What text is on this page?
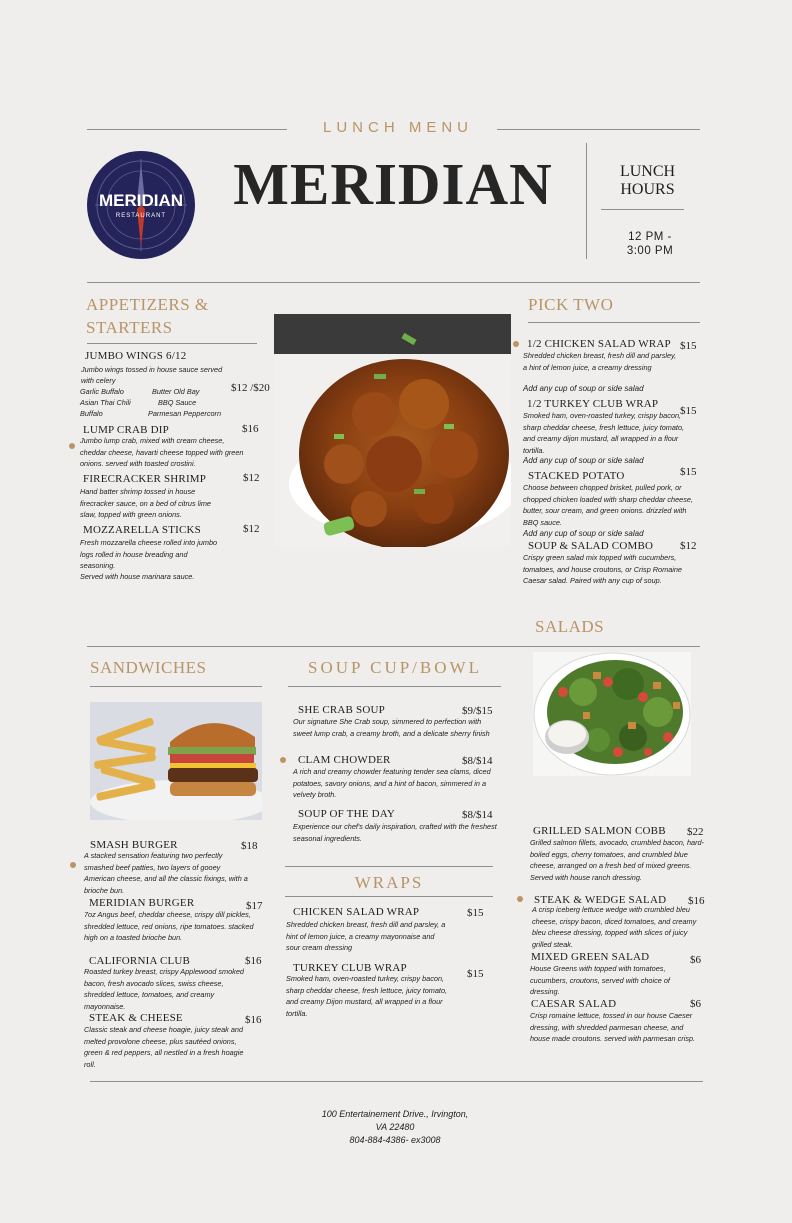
LUNCH MENU
MERIDIAN
RESTAURANT	MERIDIAN	LUNCH
HOURS
12 PM -
3:00 PM
APPETIZERS &
STARTERS
JUMBO WINGS 6/12
Jumbo wings tossed in house sauce served
with celery
Garlic Buffalo	Butter Old Bay
Asian Thai Chili	BBQ Sauce
Buffalo	Parmesan Peppercorn
$12 /$20
LUMP CRAB DIP	$16
Jumbo lump crab, mixed with cream cheese, cheddar cheese, havarti cheese topped with green onions. served with toasted crostini.
FIRECRACKER SHRIMP	$12
Hand batter shrimp tossed in house firecracker sauce, on a bed of citrus lime slaw, topped with green onions.
MOZZARELLA STICKS	$12
Fresh mozzarella cheese rolled into jumbo logs rolled in house breading and seasoning.
Served with house marinara sauce.
PICK TWO
1/2 CHICKEN SALAD WRAP $15
Shredded chicken breast, fresh dill and parsley, a hint of lemon juice, a creamy dressing
Add any cup of soup or side salad
1/2 TURKEY CLUB WRAP
$15
Smoked ham, oven-roasted turkey, crispy bacon, sharp cheddar cheese, fresh lettuce, juicy tomato, and creamy dijon mustard, all wrapped in a flour tortilla.
Add any cup of soup or side salad
STACKED POTATO	$15
Choose between chopped brisket, pulled pork, or chopped chicken loaded with sharp cheddar cheese, butter, sour cream, and green onions. drizzled with BBQ sauce.
Add any cup of soup or side salad
SOUP & SALAD COMBO $12
Crispy green salad mix topped with cucumbers, tomatoes, and house croutons, or Crisp Romaine Caesar salad. Paired with any cup of soup.
SALADS
SANDWICHES
SMASH BURGER	$18
A stacked sensation featuring two perfectly smashed beef patties, two layers of gooey American cheese, and all the classic fixings, with a brioche bun.
MERIDIAN BURGER	$17
7oz Angus beef, cheddar cheese, crispy dill pickles, shredded lettuce, red onions, ripe tomatoes. stacked high on a toasted brioche bun.
CALIFORNIA CLUB	$16
Roasted turkey breast, crispy Applewood smoked bacon, fresh avocado slices, swiss cheese, shredded lettuce, tomatoes, and creamy mayonnaise.
STEAK & CHEESE	$16
Classic steak and cheese hoagie, juicy steak and melted provolone cheese, plus sautéed onions, green & red peppers, all nestled in a fresh hoagie roll.
SOUP CUP/BOWL
SHE CRAB SOUP	$9/$15
Our signature She Crab soup, simmered to perfection with sweet lump crab, a creamy broth, and a delicate sherry finish
CLAM CHOWDER	$8/$14
A rich and creamy chowder featuring tender sea clams, diced potatoes, savory onions, and a hint of bacon, simmered in a velvety broth.
SOUP OF THE DAY	$8/$14
Experience our chef's daily inspiration, crafted with the freshest seasonal ingredients.
WRAPS
CHICKEN SALAD WRAP	$15
Shredded chicken breast, fresh dill and parsley, a hint of lemon juice, a creamy mayonnaise and sour cream dressing
TURKEY CLUB WRAP	$15
Smoked ham, oven-roasted turkey, crispy bacon, sharp cheddar cheese, fresh lettuce, juicy tomato, and creamy Dijon mustard, all wrapped in a flour tortilla.
GRILLED SALMON COBB $22
Grilled salmon fillets, avocado, crumbled bacon, hard-boiled eggs, cherry tomatoes, and crumbled blue cheese, arranged on a fresh bed of mixed greens. Served with house ranch dressing.
STEAK & WEDGE SALAD $16
A crisp iceberg lettuce wedge with crumbled bleu cheese, crispy bacon, diced tomatoes, and creamy bleu cheese dressing, topped with slices of juicy grilled steak.
MIXED GREEN SALAD	$6
House Greens with topped with tomatoes, cucumbers, croutons, served with choice of dressing.
CAESAR SALAD	$6
Crisp romaine lettuce, tossed in our house Caeser dressing, with shredded parmesan cheese, and house made croutons. served with parmesan crisp.
100 Entertainement Drive., Irvington,
VA 22480
804-884-4386- ex3008
